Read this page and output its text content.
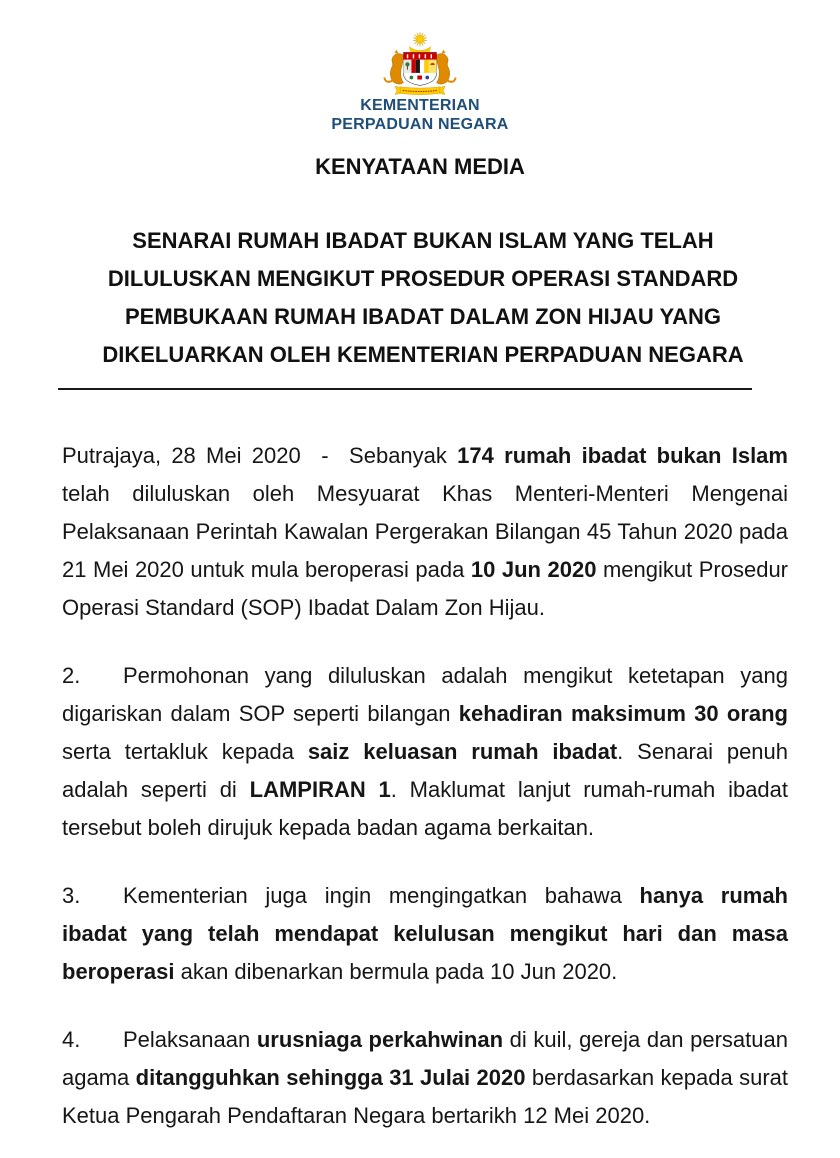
KEMENTERIAN
PERPADUAN NEGARA
KENYATAAN MEDIA
SENARAI RUMAH IBADAT BUKAN ISLAM YANG TELAH
DILULUSKAN MENGIKUT PROSEDUR OPERASI STANDARD
PEMBUKAAN RUMAH IBADAT DALAM ZON HIJAU YANG
DIKELUARKAN OLEH KEMENTERIAN PERPADUAN NEGARA

Putrajaya, 28 Mei 2020  -  Sebanyak 174 rumah ibadat bukan Islam telah diluluskan oleh Mesyuarat Khas Menteri-Menteri Mengenai Pelaksanaan Perintah Kawalan Pergerakan Bilangan 45 Tahun 2020 pada 21 Mei 2020 untuk mula beroperasi pada 10 Jun 2020 mengikut Prosedur Operasi Standard (SOP) Ibadat Dalam Zon Hijau.

2. Permohonan yang diluluskan adalah mengikut ketetapan yang digariskan dalam SOP seperti bilangan kehadiran maksimum 30 orang serta tertakluk kepada saiz keluasan rumah ibadat. Senarai penuh adalah seperti di LAMPIRAN 1. Maklumat lanjut rumah-rumah ibadat tersebut boleh dirujuk kepada badan agama berkaitan.

3. Kementerian juga ingin mengingatkan bahawa hanya rumah ibadat yang telah mendapat kelulusan mengikut hari dan masa beroperasi akan dibenarkan bermula pada 10 Jun 2020.

4. Pelaksanaan urusniaga perkahwinan di kuil, gereja dan persatuan agama ditangguhkan sehingga 31 Julai 2020 berdasarkan kepada surat Ketua Pengarah Pendaftaran Negara bertarikh 12 Mei 2020.
